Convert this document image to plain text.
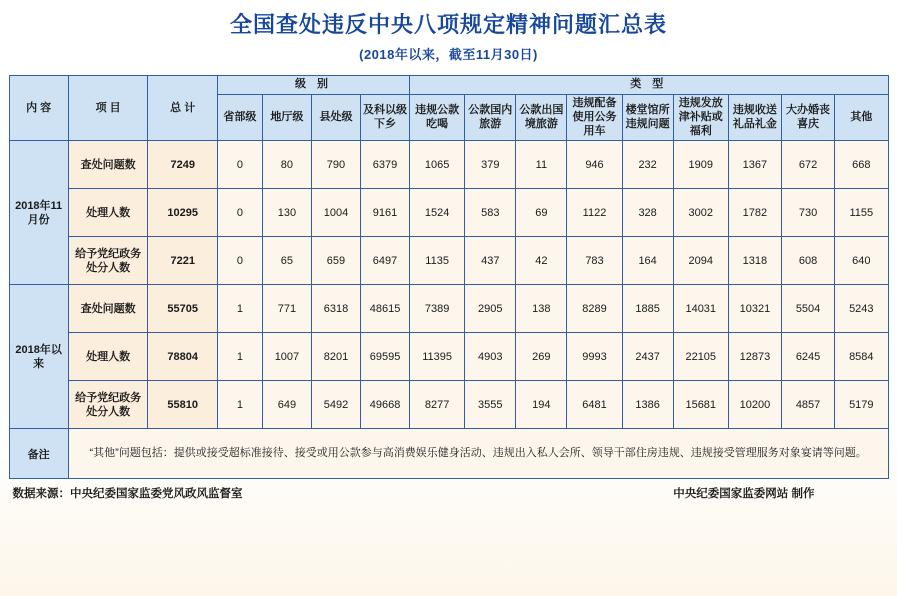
全国查处违反中央八项规定精神问题汇总表
(2018年以来，截至11月30日)
内 容	项 目	总 计	级 别				类 型								
			省部级	地厅级	县处级	及科以级下乡	违规公款吃喝	公款国内旅游	公款出国境旅游	违规配备使用公务用车	楼堂馆所违规问题	违规发放津补贴或福利	违规收送礼品礼金	大办婚丧喜庆	其他
2018年11月份	查处问题数	7249	0	80	790	6379	1065	379	11	946	232	1909	1367	672	668
	处理人数	10295	0	130	1004	9161	1524	583	69	1122	328	3002	1782	730	1155
	给予党纪政务处分人数	7221	0	65	659	6497	1135	437	42	783	164	2094	1318	608	640
2018年以来	查处问题数	55705	1	771	6318	48615	7389	2905	138	8289	1885	14031	10321	5504	5243
	处理人数	78804	1	1007	8201	69595	11395	4903	269	9993	2437	22105	12873	6245	8584
	给予党纪政务处分人数	55810	1	649	5492	49668	8277	3555	194	6481	1386	15681	10200	4857	5179
备注	“其他”问题包括：提供或接受超标准接待、接受或用公款参与高消费娱乐健身活动、违规出入私人会所、领导干部住房违规、违规接受管理服务对象宴请等问题。														
数据来源：中央纪委国家监委党风政风监督室	中央纪委国家监委网站 制作
